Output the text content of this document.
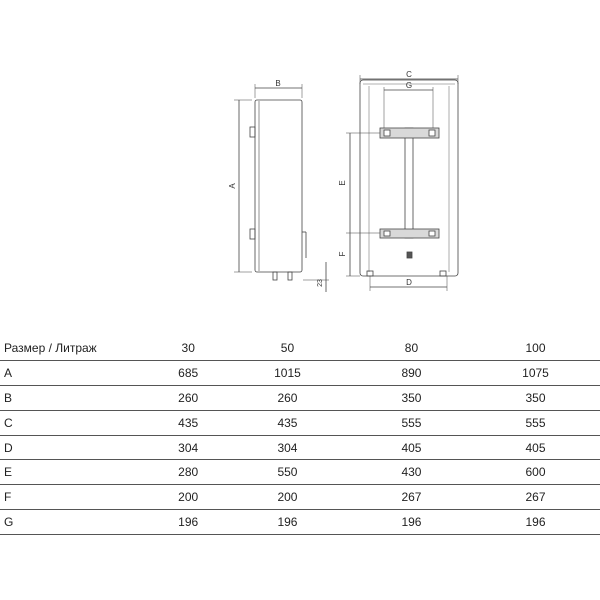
B
A
23
C
G
E
F
D
Размер / Литраж	30	50	80	100
A	685	1015	890	1075
B	260	260	350	350
C	435	435	555	555
D	304	304	405	405
E	280	550	430	600
F	200	200	267	267
G	196	196	196	196
